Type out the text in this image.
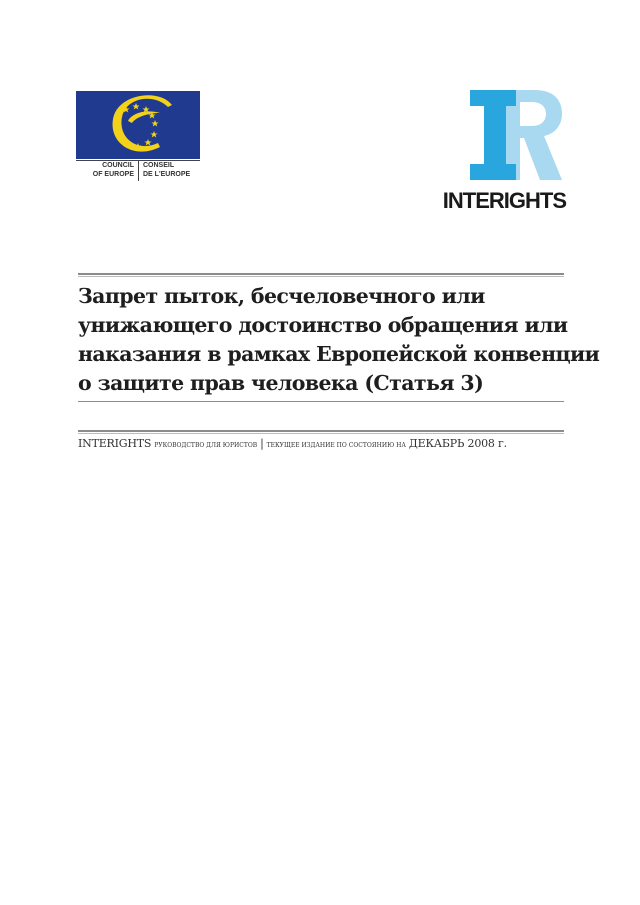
COUNCIL
OF EUROPE
CONSEIL
DE L'EUROPE
INTERIGHTS
Запрет пыток, бесчеловечного или
унижающего достоинство обращения или
наказания в рамках Европейской конвенции
о защите прав человека (Статья 3)
INTERIGHTS РУКОВОДСТВО ДЛЯ ЮРИСТОВ | ТЕКУЩЕЕ ИЗДАНИЕ ПО СОСТОЯНИЮ НА ДЕКАБРЬ 2008 г.
